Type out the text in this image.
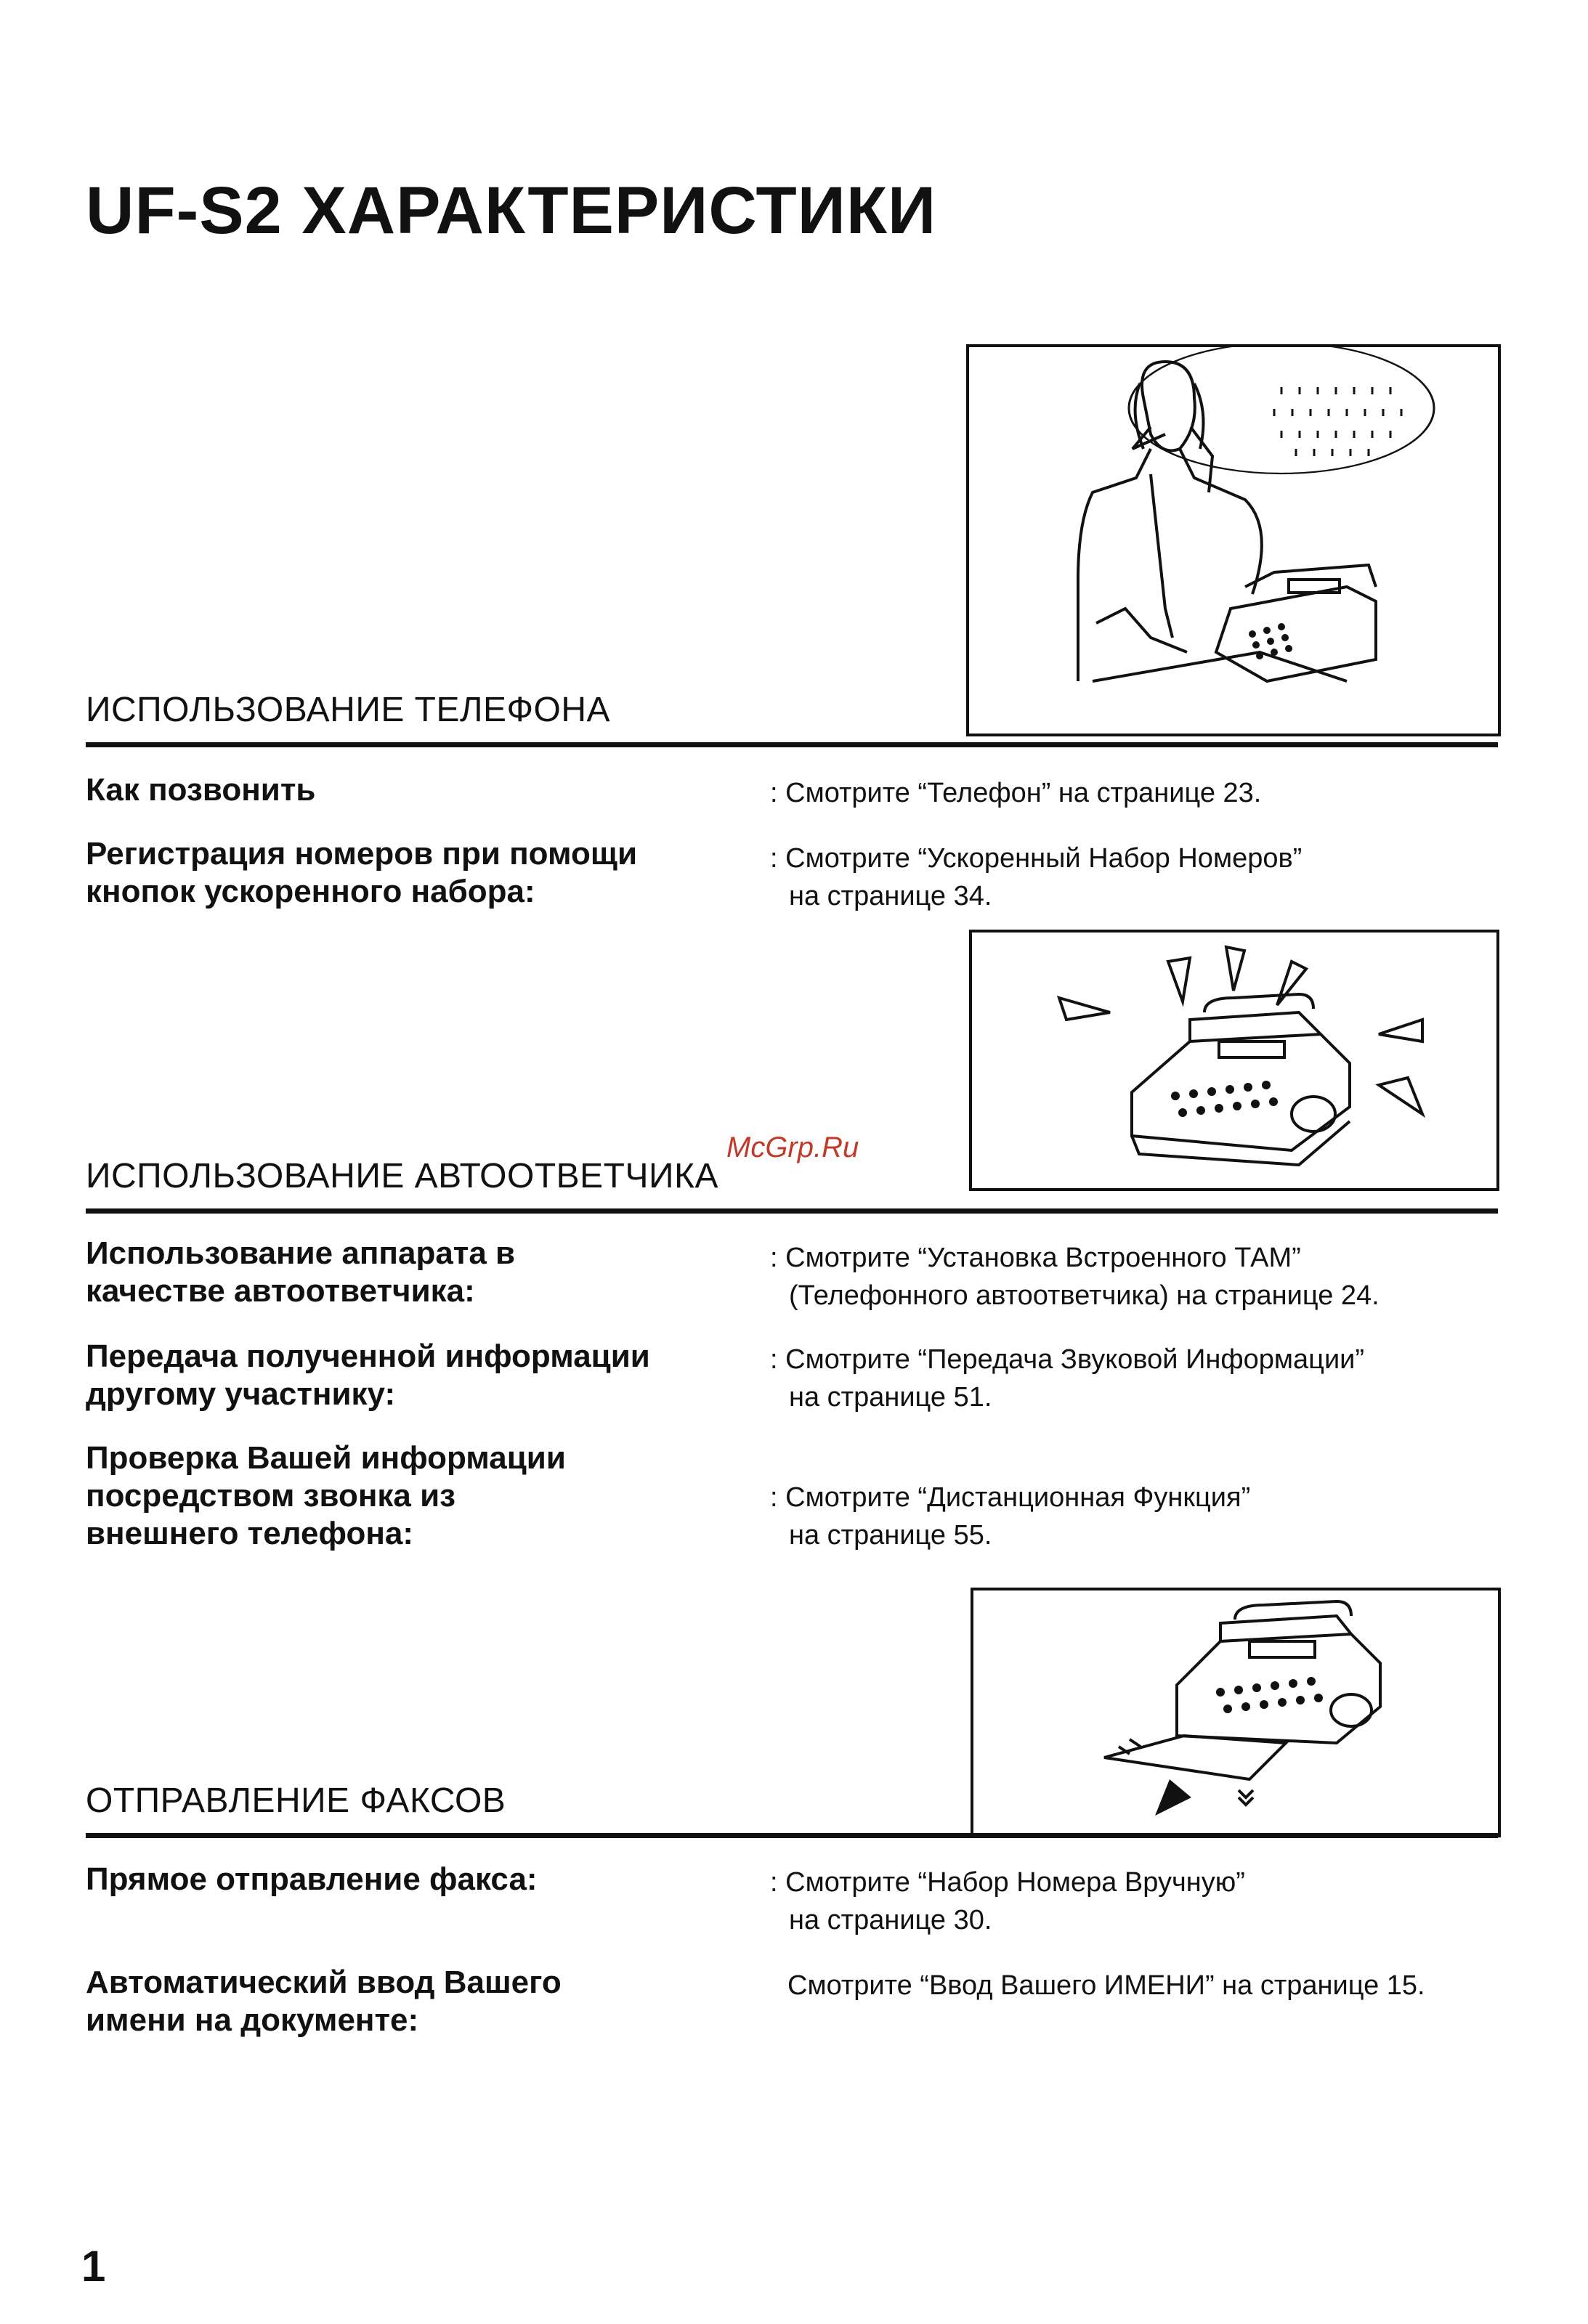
UF-S2 ХАРАКТЕРИСТИКИ
ИСПОЛЬЗОВАНИЕ ТЕЛЕФОНА
Как позвонить	: Смотрите “Телефон” на странице 23.
Регистрация номеров при помощи
кнопок ускоренного набора:
: Смотрите “Ускоренный Набор Номеров”
на странице 34.
McGrp.Ru
ИСПОЛЬЗОВАНИЕ АВТООТВЕТЧИКА
Использование аппарата в
качестве автоответчика:
: Смотрите “Установка Встроенного ТАМ”
(Телефонного автоответчика) на странице 24.
Передача полученной информации
другому участнику:
: Смотрите “Передача Звуковой Информации”
на странице 51.
Проверка Вашей информации
посредством звонка из
внешнего телефона:
: Смотрите “Дистанционная Функция”
на странице 55.
ОТПРАВЛЕНИЕ ФАКСОВ
Прямое отправление факса:	: Смотрите “Набор Номера Вручную”
на странице 30.
Автоматический ввод Вашего
имени на документе:
Смотрите “Ввод Вашего ИМЕНИ” на странице 15.
1
